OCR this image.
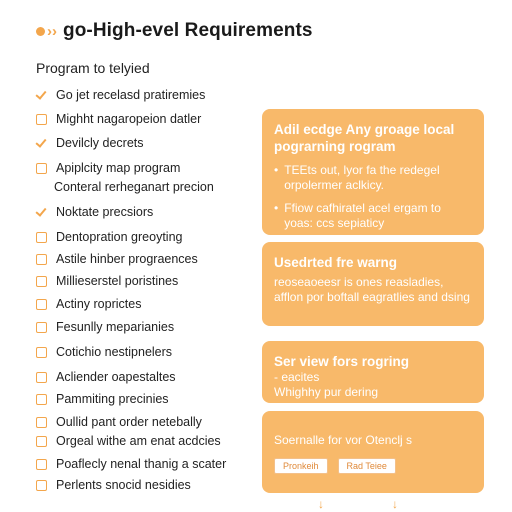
›› go-High-evel Requirements
Program to telyied
Go jet recelasd pratiremies
Mighht nagaropeion datler
Devilcly decrets
Apiplcity map program
Conteral rerheganart precion
Noktate precsiors
Dentopration greoyting
Astile hinber prograences
Millieserstel poristines
Actiny roprictes
Fesunlly meparianies
Cotichio nestipnelers
Acliender oapestaltes
Pammiting precinies
Oullid pant order netebally
Orgeal withe am enat acdcies
Poaflecly nenal thanig a scater
Perlents snocid nesidies
Adil ecdge Any groage local pograrning rogram
• TEEts out, lyor fa the redegel orpolermer aclkicy.
• Ffiow cafhiratel acel ergam to yoas: ccs sepiaticy
Usedrted fre warng
reoseaoeesr is ones reasladies, afflon por boftall eagratlies and dsing
Ser view fors rogring
- eacites
Whighhy pur dering
Soernalle for vor Otenclj s
Pronkeih	Rad Teiee
↓	↓
